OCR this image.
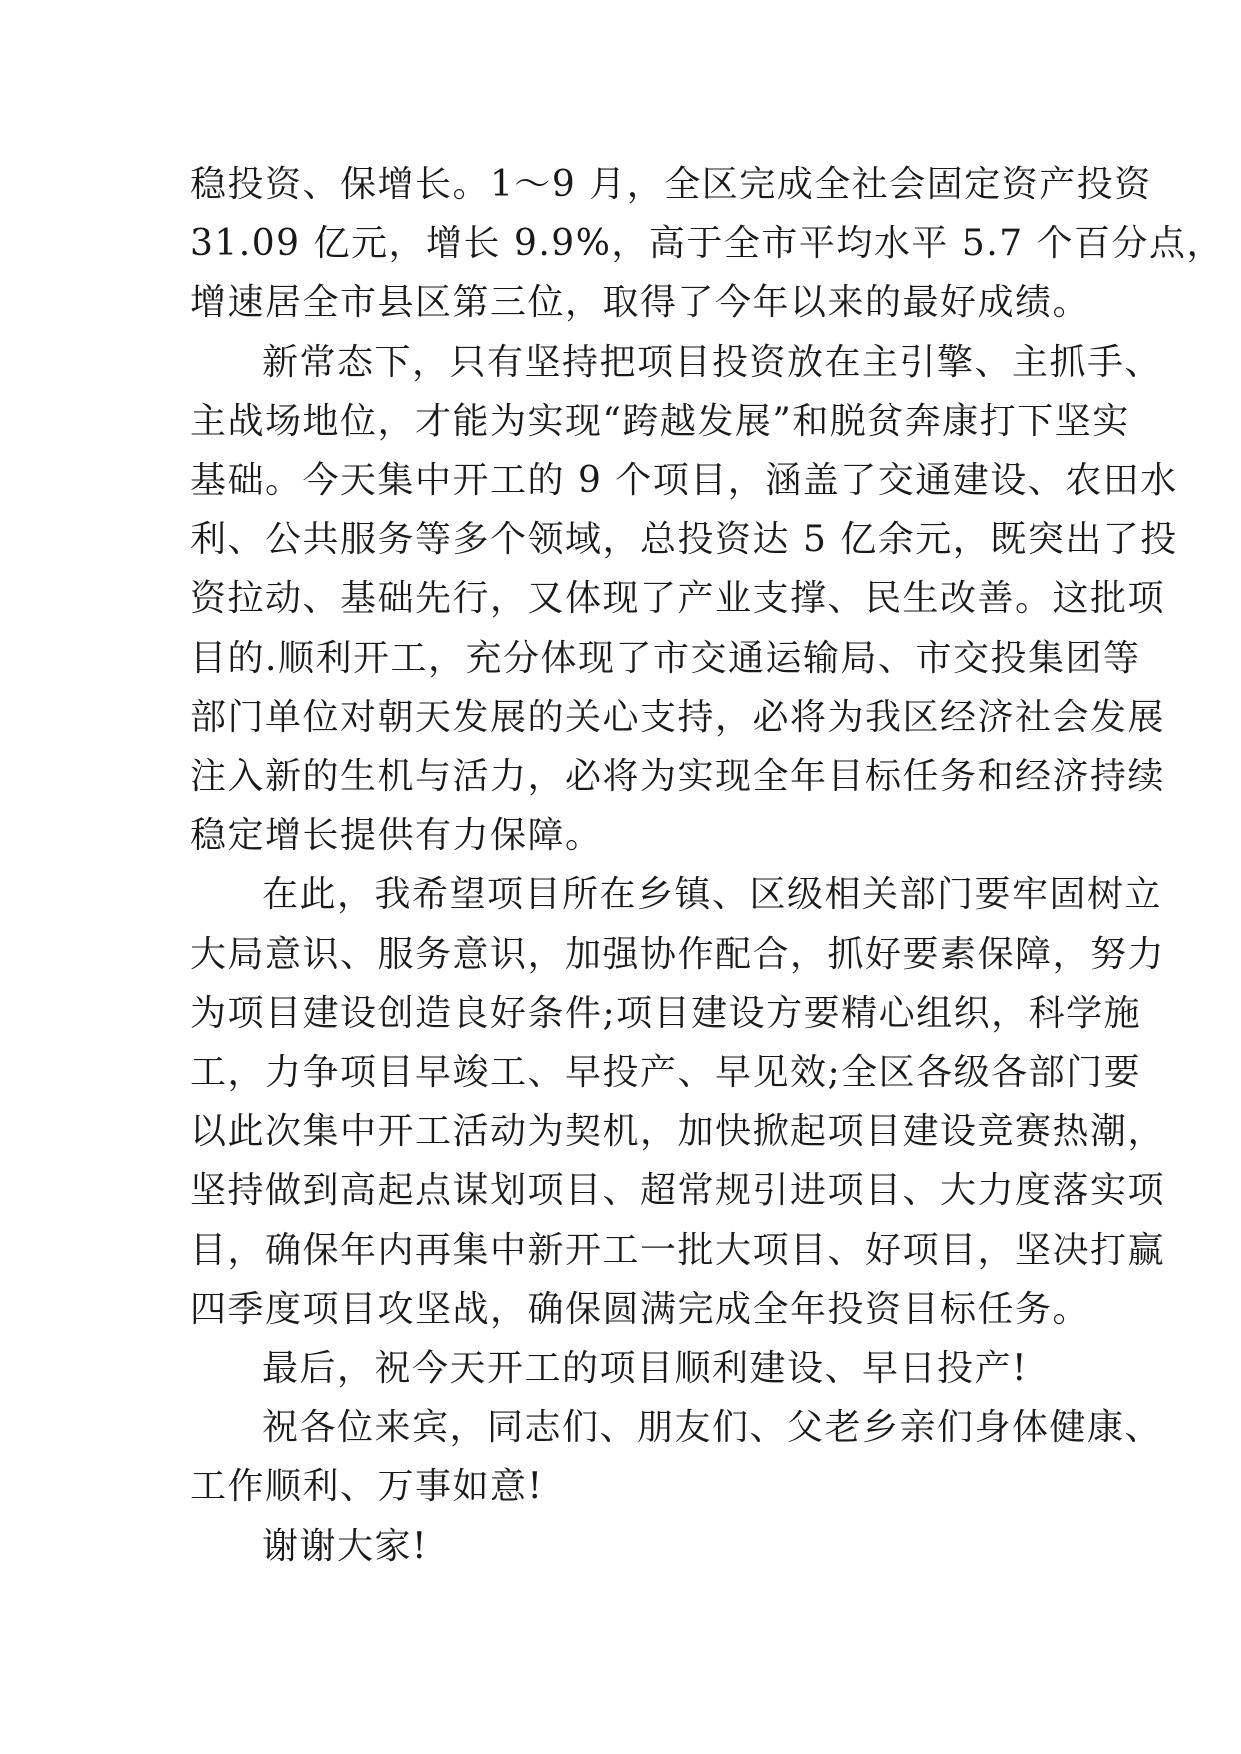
稳投资、保增长。1～9 月，全区完成全社会固定资产投资
31.09 亿元，增长 9.9%，高于全市平均水平 5.7 个百分点，
增速居全市县区第三位，取得了今年以来的最好成绩。

新常态下，只有坚持把项目投资放在主引擎、主抓手、
主战场地位，才能为实现“跨越发展”和脱贫奔康打下坚实
基础。今天集中开工的 9 个项目，涵盖了交通建设、农田水
利、公共服务等多个领域，总投资达 5 亿余元，既突出了投
资拉动、基础先行，又体现了产业支撑、民生改善。这批项
目的.顺利开工，充分体现了市交通运输局、市交投集团等
部门单位对朝天发展的关心支持，必将为我区经济社会发展
注入新的生机与活力，必将为实现全年目标任务和经济持续
稳定增长提供有力保障。

在此，我希望项目所在乡镇、区级相关部门要牢固树立
大局意识、服务意识，加强协作配合，抓好要素保障，努力
为项目建设创造良好条件;项目建设方要精心组织，科学施
工，力争项目早竣工、早投产、早见效;全区各级各部门要
以此次集中开工活动为契机，加快掀起项目建设竞赛热潮，
坚持做到高起点谋划项目、超常规引进项目、大力度落实项
目，确保年内再集中新开工一批大项目、好项目，坚决打赢
四季度项目攻坚战，确保圆满完成全年投资目标任务。

最后，祝今天开工的项目顺利建设、早日投产!

祝各位来宾，同志们、朋友们、父老乡亲们身体健康、
工作顺利、万事如意!

谢谢大家!
